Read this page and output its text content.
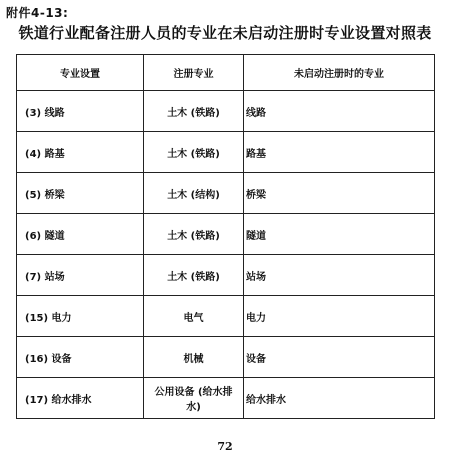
附件4-13:
铁道行业配备注册人员的专业在未启动注册时专业设置对照表
专业设置	注册专业	未启动注册时的专业
(3) 线路	土木 (铁路)	线路
(4) 路基	土木 (铁路)	路基
(5) 桥梁	土木 (结构)	桥梁
(6) 隧道	土木 (铁路)	隧道
(7) 站场	土木 (铁路)	站场
(15) 电力	电气	电力
(16) 设备	机械	设备
(17) 给水排水	公用设备 (给水排水)	给水排水
72
